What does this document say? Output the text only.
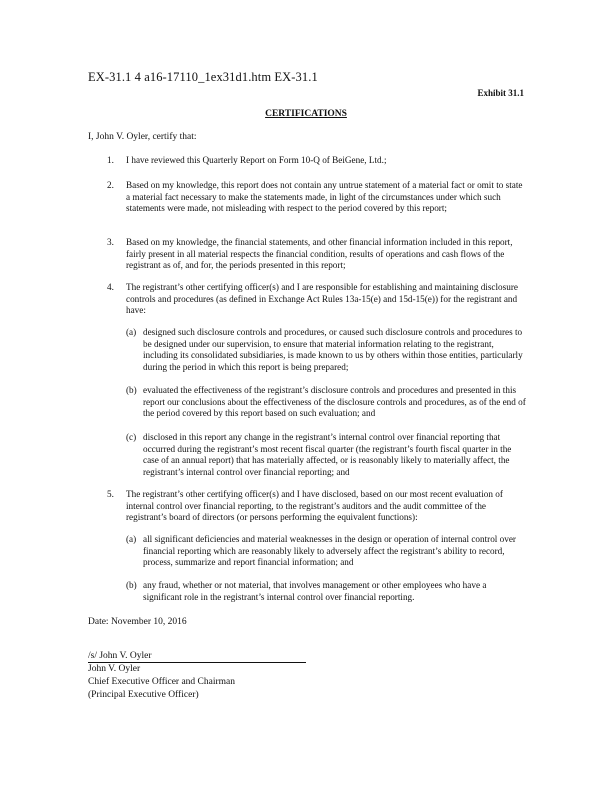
EX-31.1 4 a16-17110_1ex31d1.htm EX-31.1
Exhibit 31.1
CERTIFICATIONS
I, John V. Oyler, certify that:
1. I have reviewed this Quarterly Report on Form 10-Q of BeiGene, Ltd.;
2. Based on my knowledge, this report does not contain any untrue statement of a material fact or omit to state a material fact necessary to make the statements made, in light of the circumstances under which such statements were made, not misleading with respect to the period covered by this report;
3. Based on my knowledge, the financial statements, and other financial information included in this report, fairly present in all material respects the financial condition, results of operations and cash flows of the registrant as of, and for, the periods presented in this report;
4. The registrant’s other certifying officer(s) and I are responsible for establishing and maintaining disclosure controls and procedures (as defined in Exchange Act Rules 13a-15(e) and 15d-15(e)) for the registrant and have:
(a) designed such disclosure controls and procedures, or caused such disclosure controls and procedures to be designed under our supervision, to ensure that material information relating to the registrant, including its consolidated subsidiaries, is made known to us by others within those entities, particularly during the period in which this report is being prepared;
(b) evaluated the effectiveness of the registrant’s disclosure controls and procedures and presented in this report our conclusions about the effectiveness of the disclosure controls and procedures, as of the end of the period covered by this report based on such evaluation; and
(c) disclosed in this report any change in the registrant’s internal control over financial reporting that occurred during the registrant’s most recent fiscal quarter (the registrant’s fourth fiscal quarter in the case of an annual report) that has materially affected, or is reasonably likely to materially affect, the registrant’s internal control over financial reporting; and
5. The registrant’s other certifying officer(s) and I have disclosed, based on our most recent evaluation of internal control over financial reporting, to the registrant’s auditors and the audit committee of the registrant’s board of directors (or persons performing the equivalent functions):
(a) all significant deficiencies and material weaknesses in the design or operation of internal control over financial reporting which are reasonably likely to adversely affect the registrant’s ability to record, process, summarize and report financial information; and
(b) any fraud, whether or not material, that involves management or other employees who have a significant role in the registrant’s internal control over financial reporting.
Date: November 10, 2016
/s/ John V. Oyler
John V. Oyler
Chief Executive Officer and Chairman
(Principal Executive Officer)
